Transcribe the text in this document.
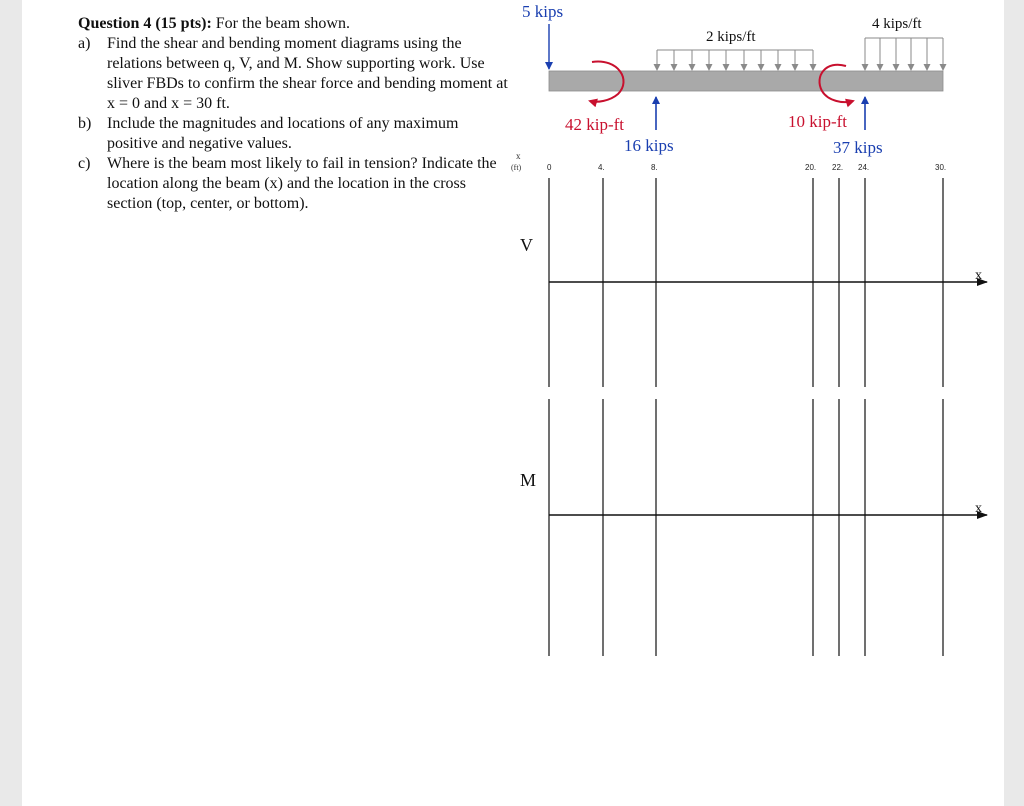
Question 4 (15 pts): For the beam shown.

a)	Find the shear and bending moment diagrams using the relations between q, V, and M. Show supporting work. Use sliver FBDs to confirm the shear force and bending moment at x = 0 and x = 30 ft.
b) Include the magnitudes and locations of any maximum positive and negative values.
c)	Where is the beam most likely to fail in tension? Indicate the location along the beam (x) and the location in the cross section (top, center, or bottom).
5 kips
2 kips/ft
4 kips/ft
42 kip-ft	10 kip-ft
16 kips	37 kips
x
(ft)	0	4.	8.	20. 22. 24.	30.
V
x
M
x
